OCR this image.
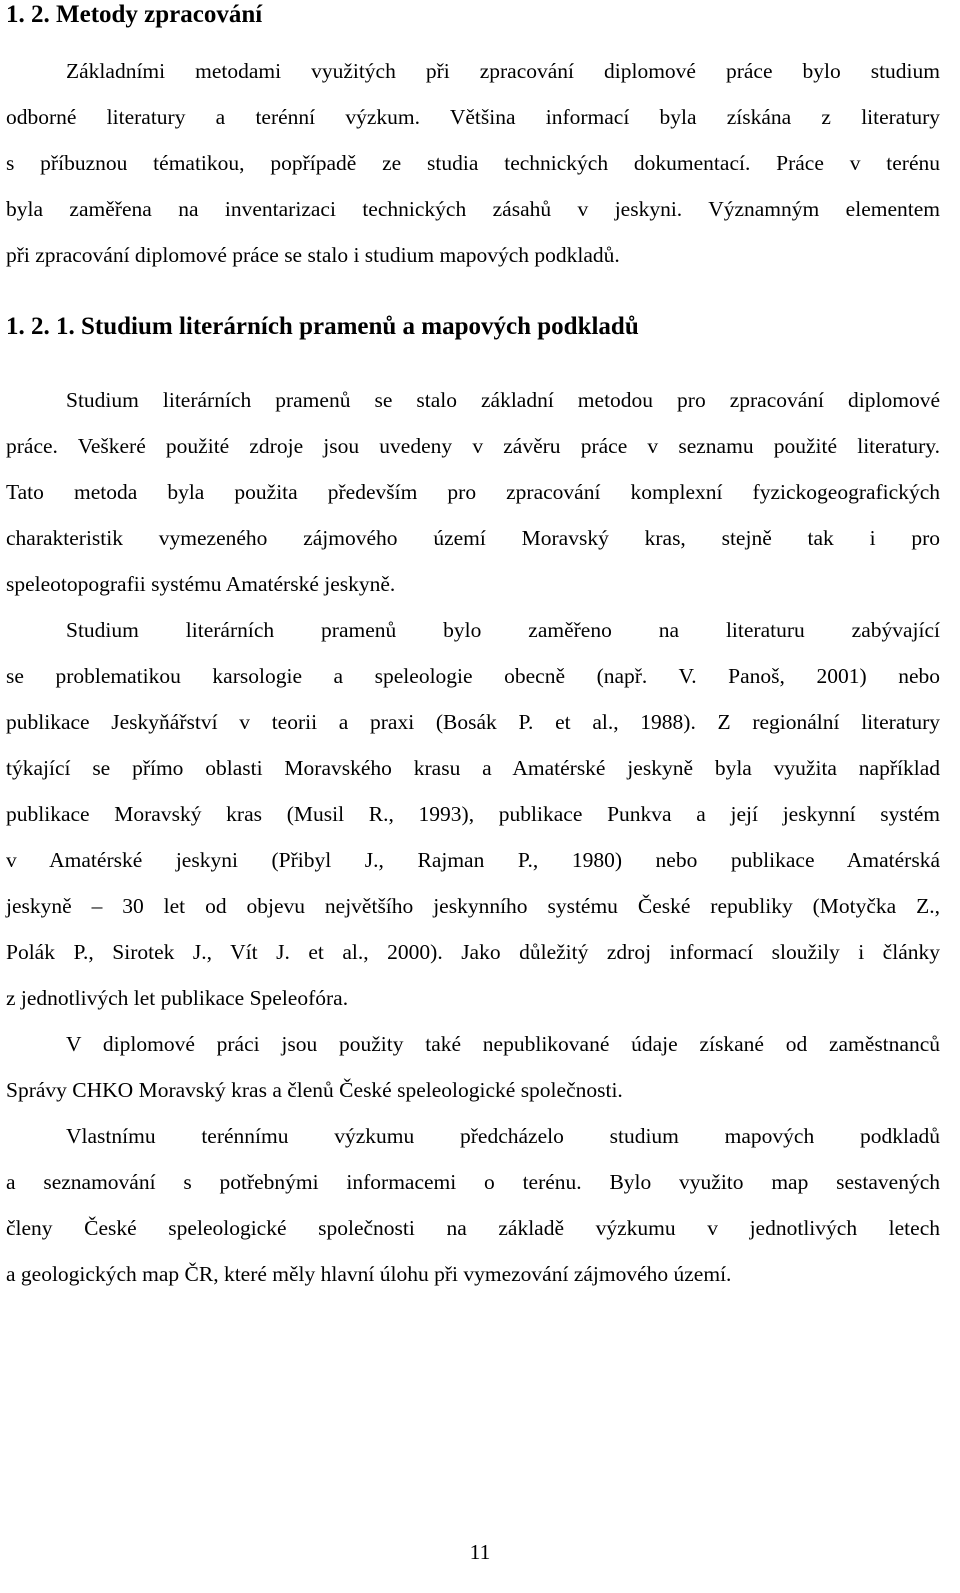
1. 2. Metody zpracování
Základními metodami využitých při zpracování diplomové práce bylo studium
odborné literatury a terénní výzkum. Většina informací byla získána z literatury
s příbuznou tématikou, popřípadě ze studia technických dokumentací. Práce v terénu
byla zaměřena na inventarizaci technických zásahů v jeskyni. Významným elementem
při zpracování diplomové práce se stalo i studium mapových podkladů.
1. 2. 1. Studium literárních pramenů a mapových podkladů
Studium literárních pramenů se stalo základní metodou pro zpracování diplomové
práce. Veškeré použité zdroje jsou uvedeny v závěru práce v seznamu použité literatury.
Tato metoda byla použita především pro zpracování komplexní fyzickogeografických
charakteristik vymezeného zájmového území Moravský kras, stejně tak i pro
speleotopografii systému Amatérské jeskyně.
Studium literárních pramenů bylo zaměřeno na literaturu zabývající
se problematikou karsologie a speleologie obecně (např. V. Panoš, 2001) nebo
publikace Jeskyňářství v teorii a praxi (Bosák P. et al., 1988). Z regionální literatury
týkající se přímo oblasti Moravského krasu a Amatérské jeskyně byla využita například
publikace Moravský kras (Musil R., 1993), publikace Punkva a její jeskynní systém
v Amatérské jeskyni (Přibyl J., Rajman P., 1980) nebo publikace Amatérská
jeskyně – 30 let od objevu největšího jeskynního systému České republiky (Motyčka Z.,
Polák P., Sirotek J., Vít J. et al., 2000). Jako důležitý zdroj informací sloužily i články
z jednotlivých let publikace Speleofóra.
V diplomové práci jsou použity také nepublikované údaje získané od zaměstnanců
Správy CHKO Moravský kras a členů České speleologické společnosti.
Vlastnímu terénnímu výzkumu předcházelo studium mapových podkladů
a seznamování s potřebnými informacemi o terénu. Bylo využito map sestavených
členy České speleologické společnosti na základě výzkumu v jednotlivých letech
a geologických map ČR, které měly hlavní úlohu při vymezování zájmového území.
11
